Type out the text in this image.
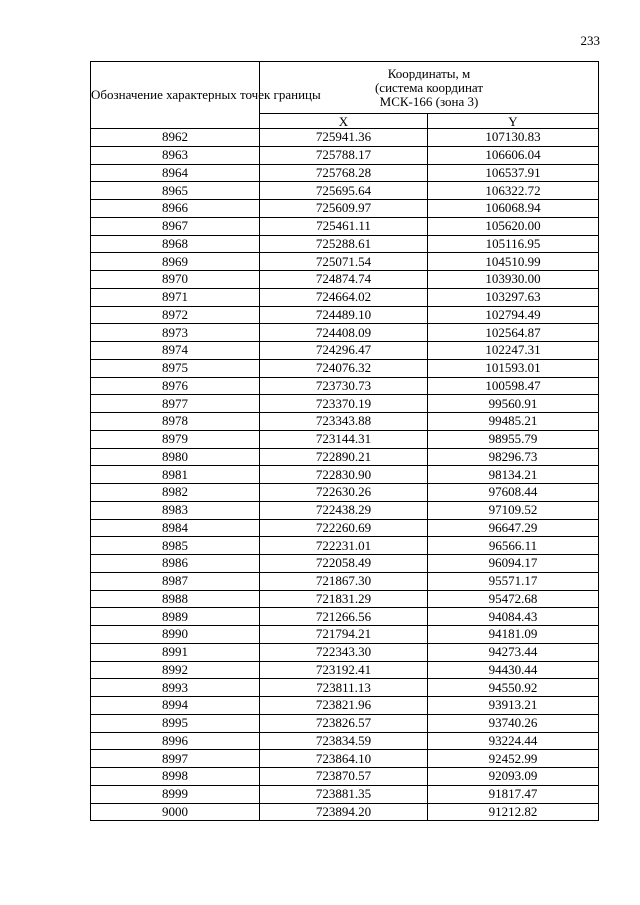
233
Обозначение характерных точек границы	Координаты, м
(система координат
МСК-166 (зона 3)	

	X	Y
8962	725941.36	107130.83
8963	725788.17	106606.04
8964	725768.28	106537.91
8965	725695.64	106322.72
8966	725609.97	106068.94
8967	725461.11	105620.00
8968	725288.61	105116.95
8969	725071.54	104510.99
8970	724874.74	103930.00
8971	724664.02	103297.63
8972	724489.10	102794.49
8973	724408.09	102564.87
8974	724296.47	102247.31
8975	724076.32	101593.01
8976	723730.73	100598.47
8977	723370.19	99560.91
8978	723343.88	99485.21
8979	723144.31	98955.79
8980	722890.21	98296.73
8981	722830.90	98134.21
8982	722630.26	97608.44
8983	722438.29	97109.52
8984	722260.69	96647.29
8985	722231.01	96566.11
8986	722058.49	96094.17
8987	721867.30	95571.17
8988	721831.29	95472.68
8989	721266.56	94084.43
8990	721794.21	94181.09
8991	722343.30	94273.44
8992	723192.41	94430.44
8993	723811.13	94550.92
8994	723821.96	93913.21
8995	723826.57	93740.26
8996	723834.59	93224.44
8997	723864.10	92452.99
8998	723870.57	92093.09
8999	723881.35	91817.47
9000	723894.20	91212.82
